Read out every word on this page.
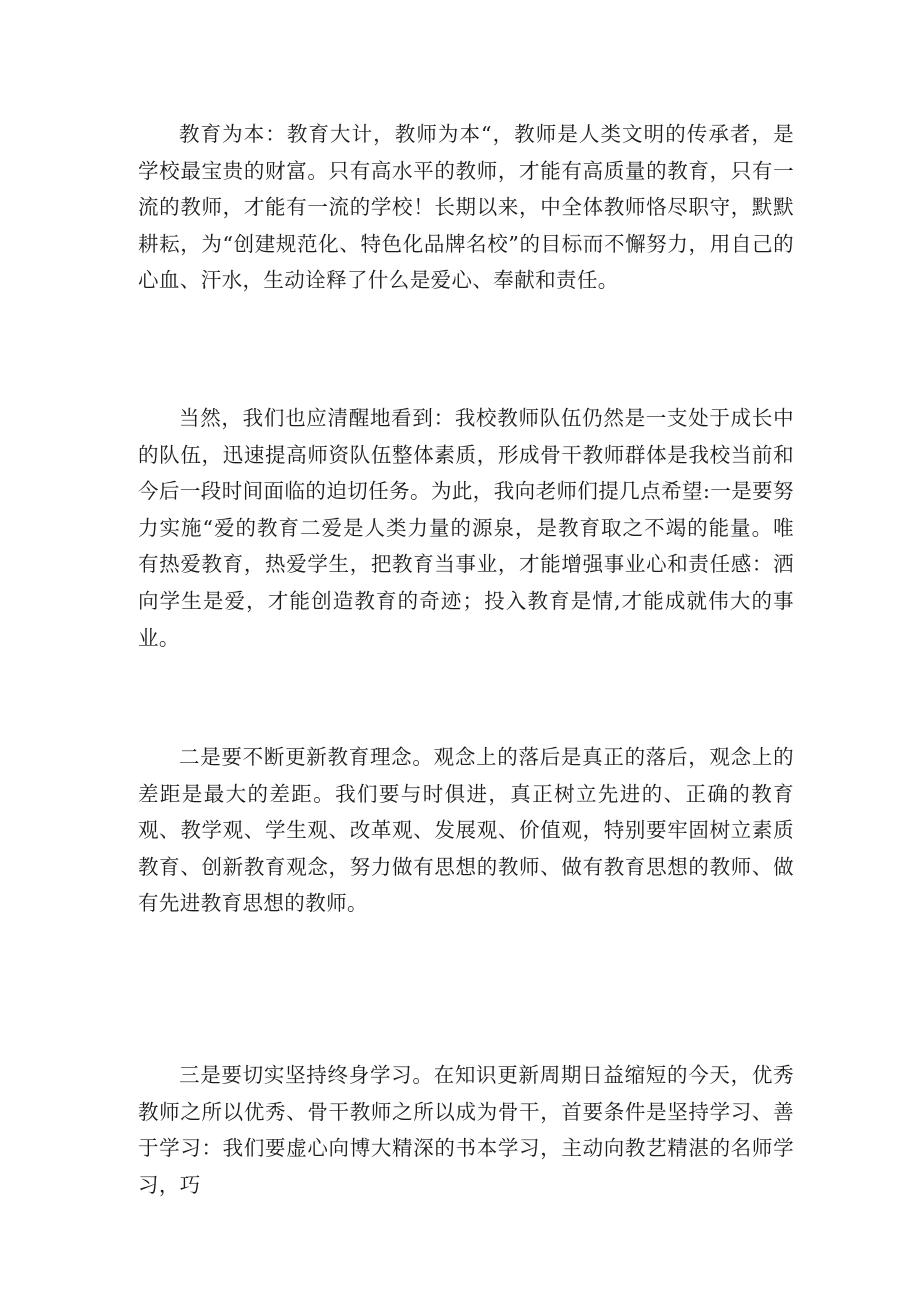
教育为本：教育大计，教师为本“，教师是人类文明的传承者，是学校最宝贵的财富。只有高水平的教师，才能有高质量的教育，只有一流的教师，才能有一流的学校！长期以来，中全体教师恪尽职守，默默耕耘，为“创建规范化、特色化品牌名校”的目标而不懈努力，用自己的心血、汗水，生动诠释了什么是爱心、奉献和责任。

当然，我们也应清醒地看到：我校教师队伍仍然是一支处于成长中的队伍，迅速提高师资队伍整体素质，形成骨干教师群体是我校当前和今后一段时间面临的迫切任务。为此，我向老师们提几点希望:一是要努力实施“爱的教育二爱是人类力量的源泉，是教育取之不竭的能量。唯有热爱教育，热爱学生，把教育当事业，才能增强事业心和责任感：洒向学生是爱，才能创造教育的奇迹；投入教育是情,才能成就伟大的事业。

二是要不断更新教育理念。观念上的落后是真正的落后，观念上的差距是最大的差距。我们要与时俱进，真正树立先进的、正确的教育观、教学观、学生观、改革观、发展观、价值观，特别要牢固树立素质教育、创新教育观念，努力做有思想的教师、做有教育思想的教师、做有先进教育思想的教师。

三是要切实坚持终身学习。在知识更新周期日益缩短的今天，优秀教师之所以优秀、骨干教师之所以成为骨干，首要条件是坚持学习、善于学习：我们要虚心向博大精深的书本学习，主动向教艺精湛的名师学习，巧
